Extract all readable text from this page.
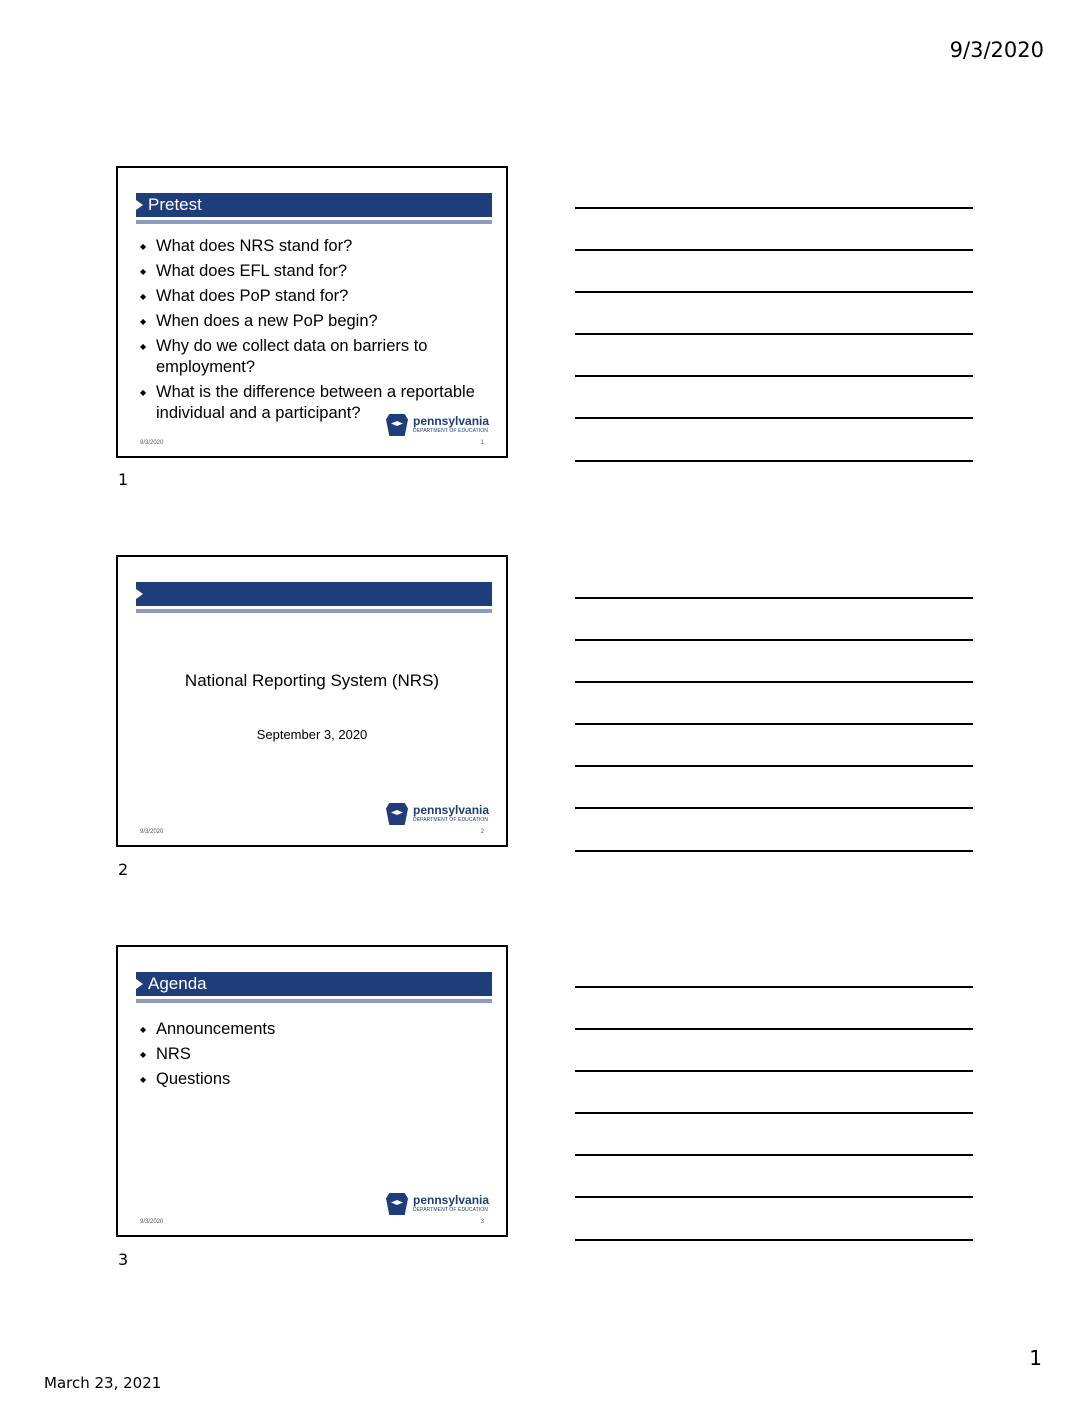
9/3/2020
Pretest
◆ What does NRS stand for?
◆ What does EFL stand for?
◆ What does PoP stand for?
◆ When does a new PoP begin?
◆ Why do we collect data on barriers to employment?
◆ What is the difference between a reportable individual and a participant?	pennsylvania
DEPARTMENT OF EDUCATION
9/3/2020	1
1
National Reporting System (NRS)
September 3, 2020
pennsylvania
DEPARTMENT OF EDUCATION
9/3/2020	2
2
Agenda
◆ Announcements
◆ NRS
◆ Questions
pennsylvania
DEPARTMENT OF EDUCATION
9/3/2020	3
3
1
March 23, 2021
